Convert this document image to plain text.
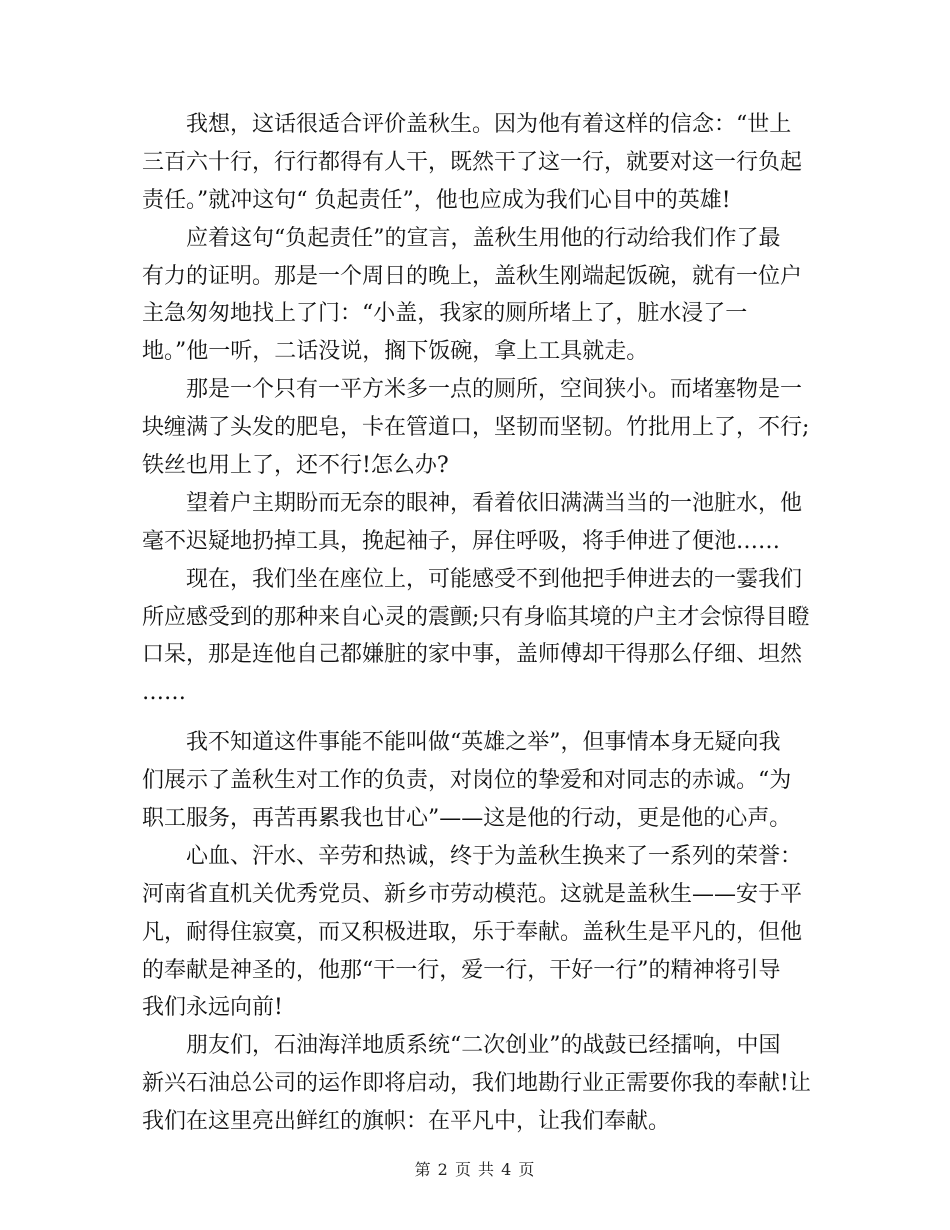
　　我想，这话很适合评价盖秋生。因为他有着这样的信念：“世上
三百六十行，行行都得有人干，既然干了这一行，就要对这一行负起
责任。”就冲这句“ 负起责任”，他也应成为我们心目中的英雄!
　　应着这句“负起责任”的宣言，盖秋生用他的行动给我们作了最
有力的证明。那是一个周日的晚上，盖秋生刚端起饭碗，就有一位户
主急匆匆地找上了门：“小盖，我家的厕所堵上了，脏水浸了一
地。”他一听，二话没说，搁下饭碗，拿上工具就走。
　　那是一个只有一平方米多一点的厕所，空间狭小。而堵塞物是一
块缠满了头发的肥皂，卡在管道口，坚韧而坚韧。竹批用上了，不行;
铁丝也用上了，还不行!怎么办?
　　望着户主期盼而无奈的眼神，看着依旧满满当当的一池脏水，他
毫不迟疑地扔掉工具，挽起袖子，屏住呼吸，将手伸进了便池……
　　现在，我们坐在座位上，可能感受不到他把手伸进去的一霎我们
所应感受到的那种来自心灵的震颤;只有身临其境的户主才会惊得目瞪
口呆，那是连他自己都嫌脏的家中事，盖师傅却干得那么仔细、坦然
……
　　我不知道这件事能不能叫做“英雄之举”，但事情本身无疑向我
们展示了盖秋生对工作的负责，对岗位的挚爱和对同志的赤诚。“为
职工服务，再苦再累我也甘心”——这是他的行动，更是他的心声。
　　心血、汗水、辛劳和热诚，终于为盖秋生换来了一系列的荣誉：
河南省直机关优秀党员、新乡市劳动模范。这就是盖秋生——安于平
凡，耐得住寂寞，而又积极进取，乐于奉献。盖秋生是平凡的，但他
的奉献是神圣的，他那“干一行，爱一行，干好一行”的精神将引导
我们永远向前!
　　朋友们，石油海洋地质系统“二次创业”的战鼓已经擂响，中国
新兴石油总公司的运作即将启动，我们地勘行业正需要你我的奉献!让
我们在这里亮出鲜红的旗帜：在平凡中，让我们奉献。
第 2 页 共 4 页
